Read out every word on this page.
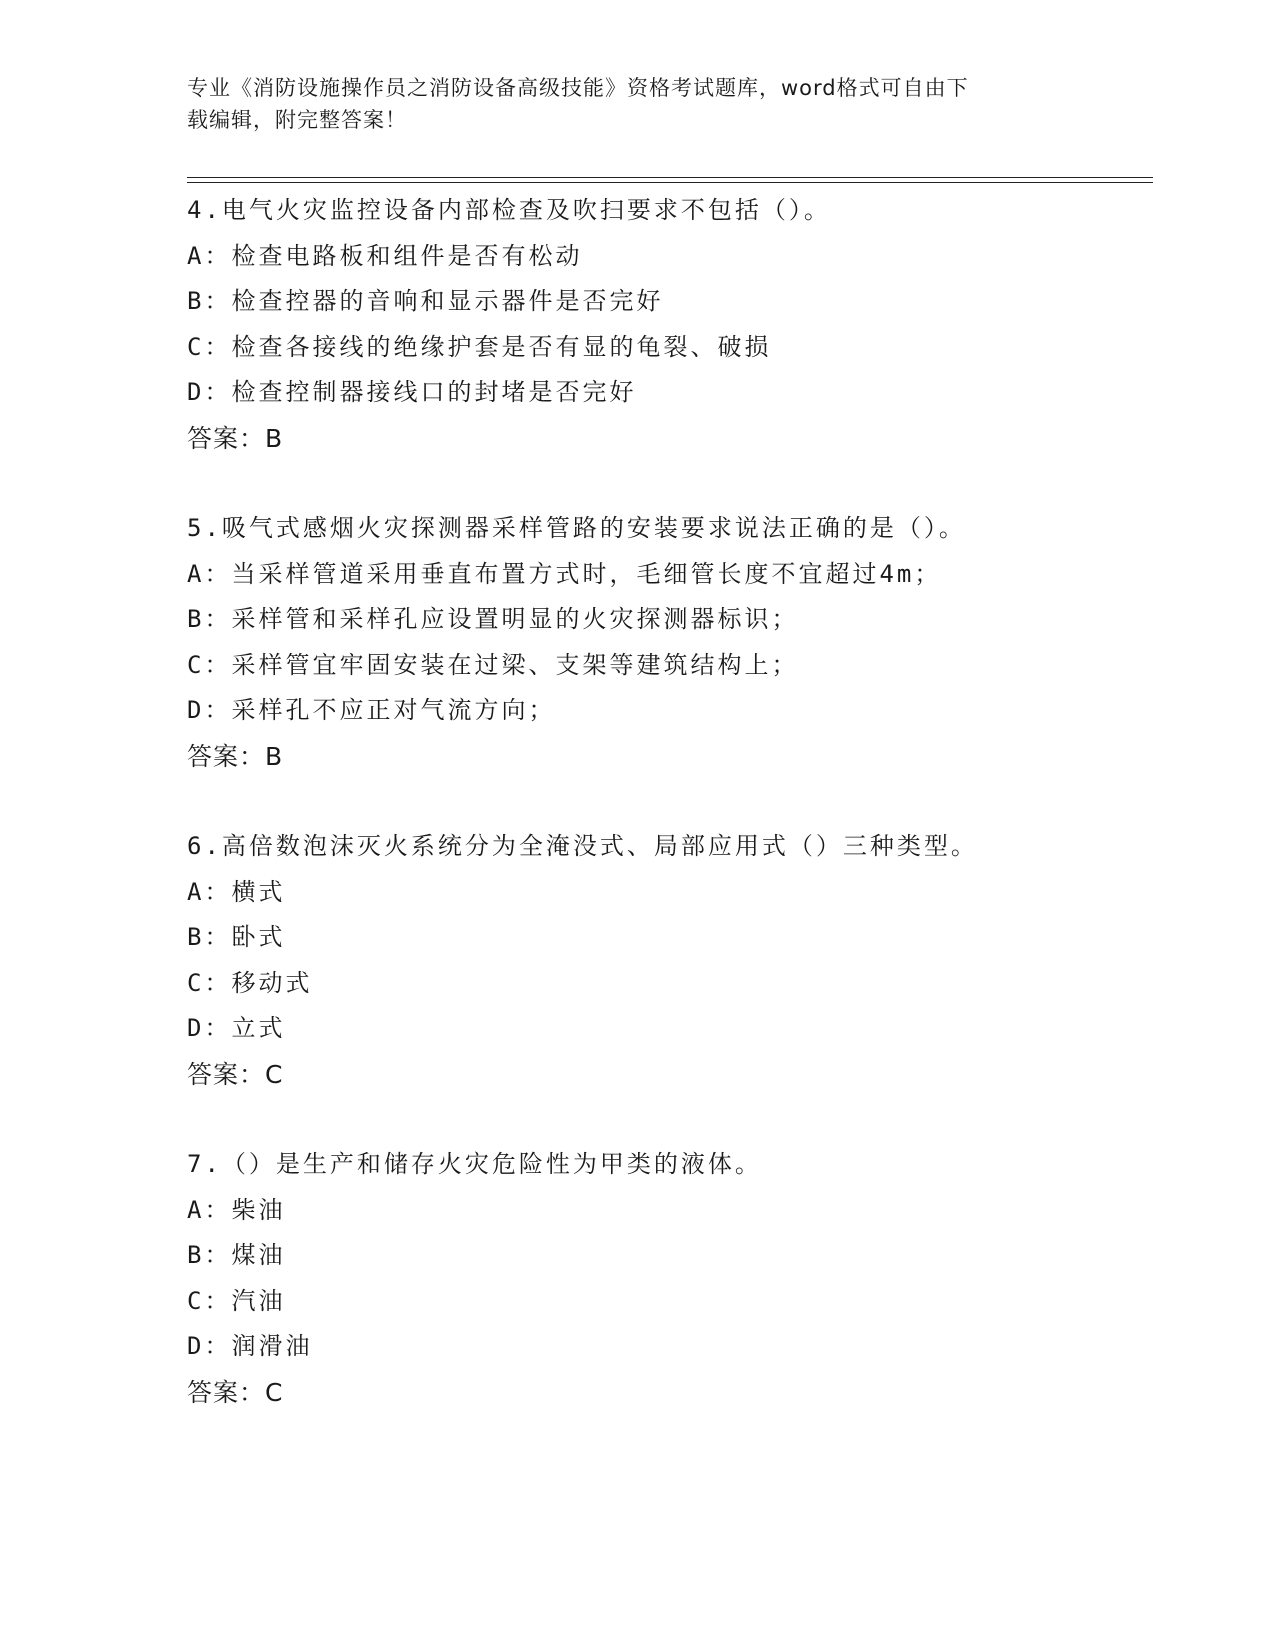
专业《消防设施操作员之消防设备高级技能》资格考试题库，word格式可自由下
载编辑，附完整答案！
4.电气火灾监控设备内部检查及吹扫要求不包括（）。
A：检查电路板和组件是否有松动
B：检查控器的音响和显示器件是否完好
C：检查各接线的绝缘护套是否有显的龟裂、破损
D：检查控制器接线口的封堵是否完好
答案：B
5.吸气式感烟火灾探测器采样管路的安装要求说法正确的是（）。
A：当采样管道采用垂直布置方式时，毛细管长度不宜超过4m；
B：采样管和采样孔应设置明显的火灾探测器标识；
C：采样管宜牢固安装在过梁、支架等建筑结构上；
D：采样孔不应正对气流方向；
答案：B
6.高倍数泡沫灭火系统分为全淹没式、局部应用式（）三种类型。
A：横式
B：卧式
C：移动式
D：立式
答案：C
7.（）是生产和储存火灾危险性为甲类的液体。
A：柴油
B：煤油
C：汽油
D：润滑油
答案：C
